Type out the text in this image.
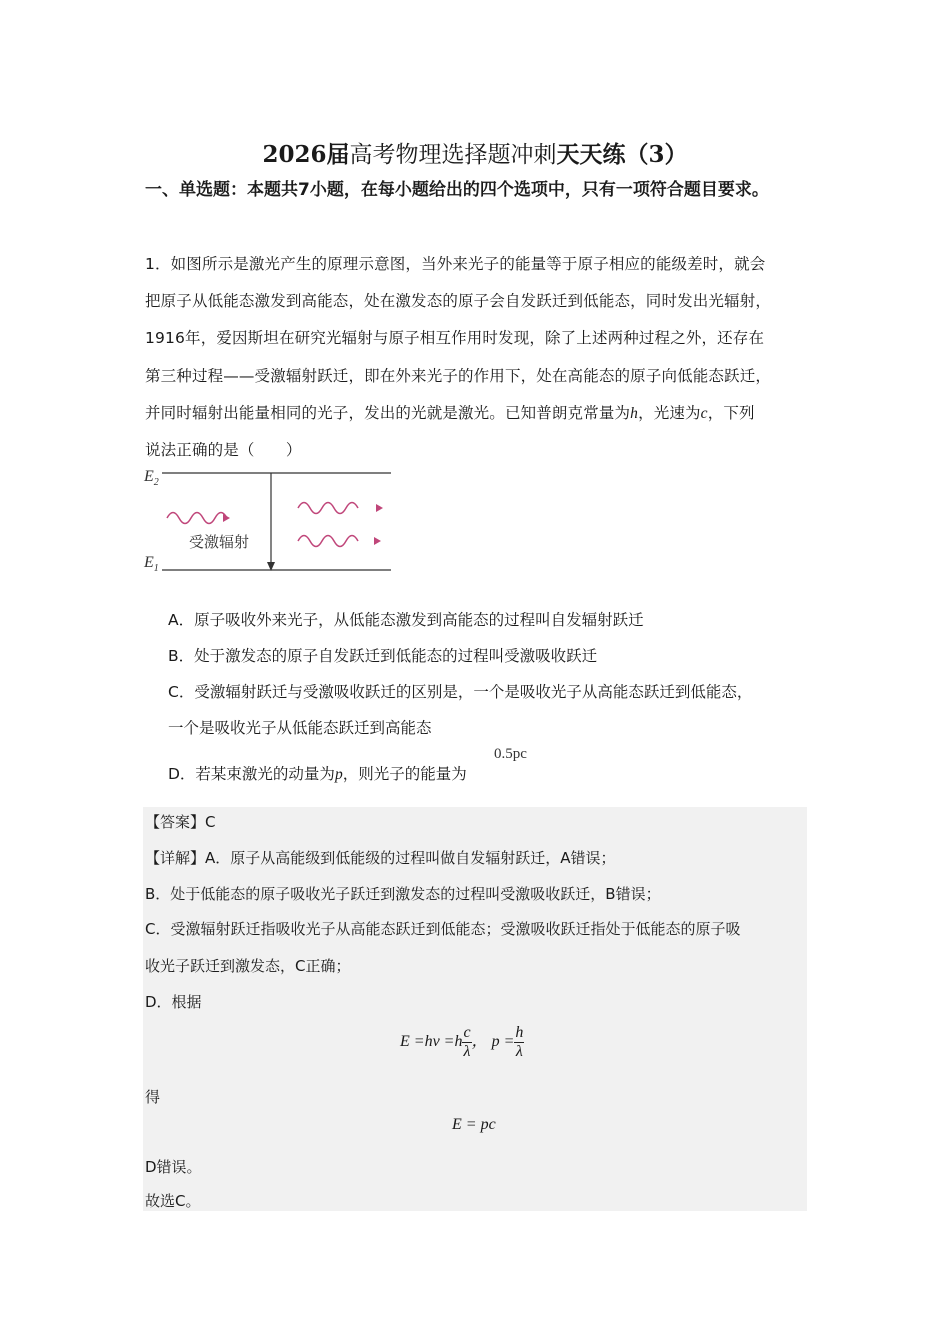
2026届高考物理选择题冲刺天天练（3）
一、单选题：本题共7小题，在每小题给出的四个选项中，只有一项符合题目要求。
1．如图所示是激光产生的原理示意图，当外来光子的能量等于原子相应的能级差时，就会
把原子从低能态激发到高能态，处在激发态的原子会自发跃迁到低能态，同时发出光辐射，
1916年，爱因斯坦在研究光辐射与原子相互作用时发现，除了上述两种过程之外，还存在
第三种过程——受激辐射跃迁，即在外来光子的作用下，处在高能态的原子向低能态跃迁，
并同时辐射出能量相同的光子，发出的光就是激光。已知普朗克常量为h，光速为c，下列
说法正确的是（　　）
$E_2$
$E_1$
受激辐射
A．原子吸收外来光子，从低能态激发到高能态的过程叫自发辐射跃迁
B．处于激发态的原子自发跃迁到低能态的过程叫受激吸收跃迁
C．受激辐射跃迁与受激吸收跃迁的区别是，一个是吸收光子从高能态跃迁到低能态，
一个是吸收光子从低能态跃迁到高能态
D．若某束激光的动量为p，则光子的能量为
0.5pc
【答案】C
【详解】A．原子从高能级到低能级的过程叫做自发辐射跃迁，A错误；
B．处于低能态的原子吸收光子跃迁到激发态的过程叫受激吸收跃迁，B错误；
C．受激辐射跃迁指吸收光子从高能态跃迁到低能态；受激吸收跃迁指处于低能态的原子吸
收光子跃迁到激发态，C正确；
D．根据
$E =h\nu =h \frac{c}{\lambda}$ ， $p = \frac{h}{\lambda}$
得
E = pc
D错误。
故选C。
